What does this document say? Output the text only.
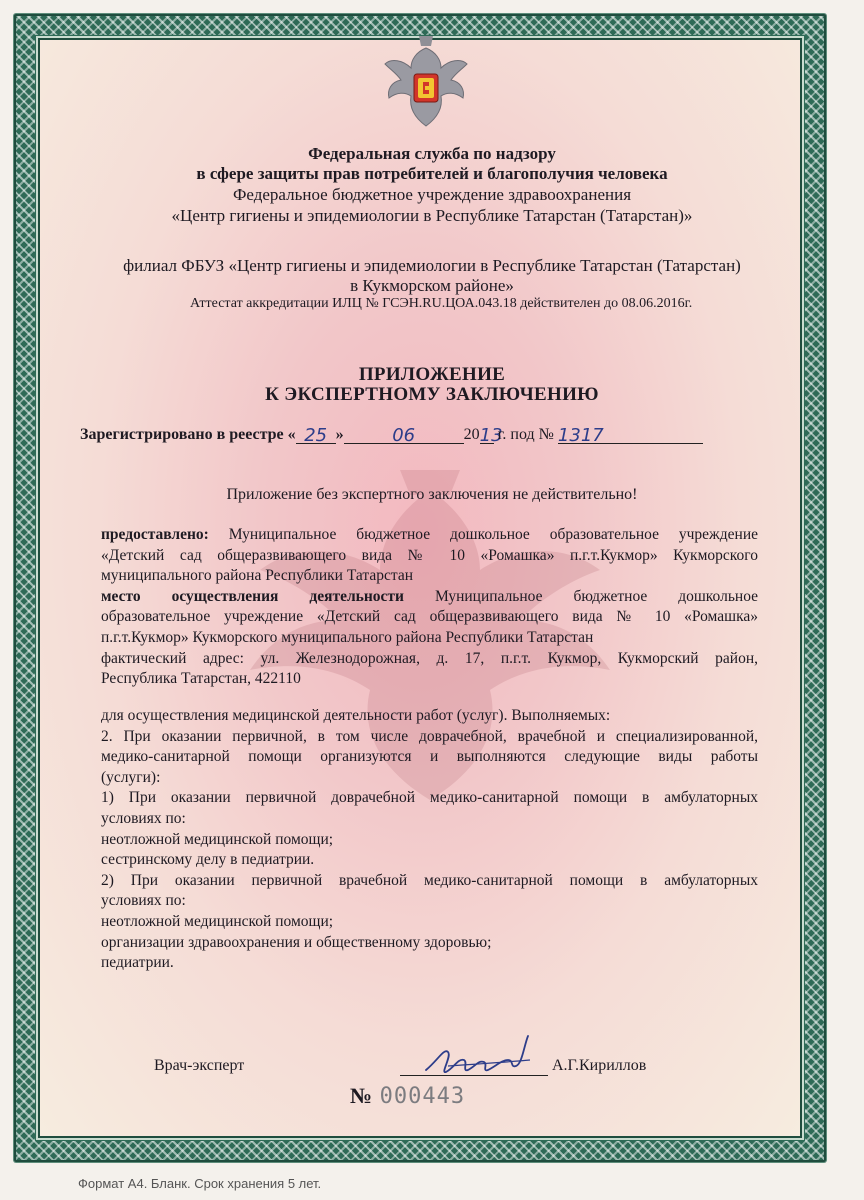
Федеральная служба по надзору
в сфере защиты прав потребителей и благополучия человека
Федеральное бюджетное учреждение здравоохранения
«Центр гигиены и эпидемиологии в Республике Татарстан (Татарстан)»
филиал ФБУЗ «Центр гигиены и эпидемиологии в Республике Татарстан (Татарстан)
в Кукморском районе»
Аттестат аккредитации ИЛЦ № ГСЭН.RU.ЦОА.043.18 действителен до 08.06.2016г.
ПРИЛОЖЕНИЕ
К ЭКСПЕРТНОМУ ЗАКЛЮЧЕНИЮ
Зарегистрировано в реестре « 25 »	06	2013 г. под № 1317
Приложение без экспертного заключения не действительно!

предоставлено: Муниципальное бюджетное дошкольное образовательное учреждение

«Детский сад общеразвивающего вида № 10 «Ромашка» п.г.т.Кукмор» Кукморского

муниципального района Республики Татарстан

место осуществления деятельности Муниципальное бюджетное дошкольное

образовательное учреждение «Детский сад общеразвивающего вида № 10 «Ромашка»

п.г.т.Кукмор» Кукморского муниципального района Республики Татарстан

фактический адрес: ул. Железнодорожная, д. 17, п.г.т. Кукмор, Кукморский район,

Республика Татарстан, 422110

для осуществления медицинской деятельности работ (услуг). Выполняемых:

2. При оказании первичной, в том числе доврачебной, врачебной и специализированной,

медико-санитарной помощи организуются и выполняются следующие виды работы

(услуги):

1) При оказании первичной доврачебной медико-санитарной помощи в амбулаторных

условиях по:

неотложной медицинской помощи;

сестринскому делу в педиатрии.

2) При оказании первичной врачебной медико-санитарной помощи в амбулаторных

условиях по:

неотложной медицинской помощи;

организации здравоохранения и общественному здоровью;

педиатрии.

Врач-эксперт	А.Г.Кириллов
№ 000443
Формат А4. Бланк. Срок хранения 5 лет.
